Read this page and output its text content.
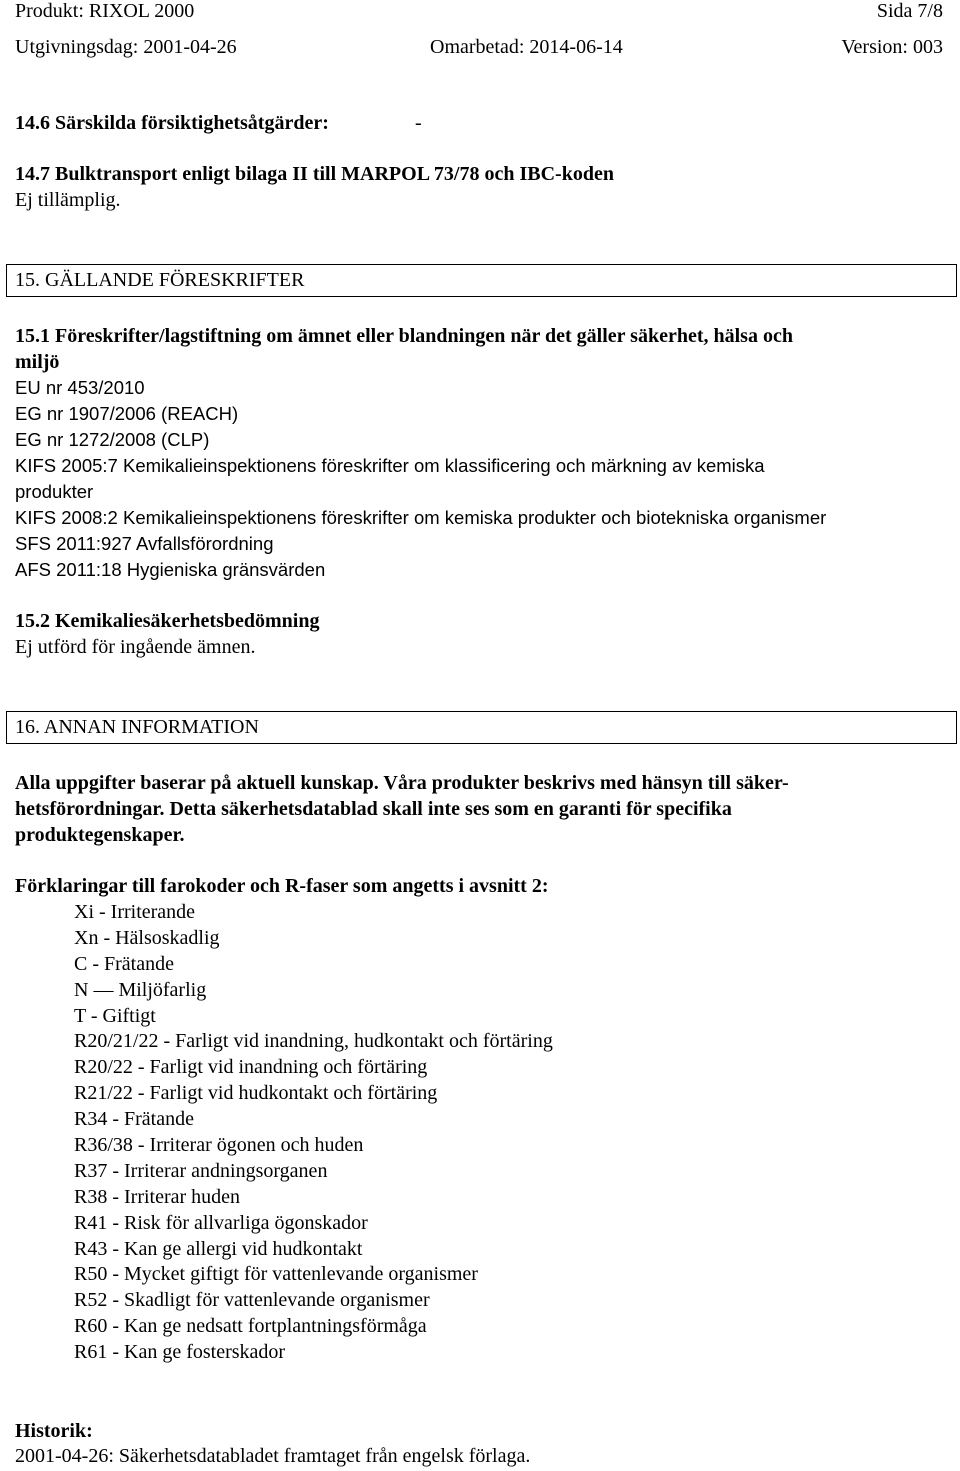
Produkt: RIXOL 2000	Sida 7/8
Utgivningsdag: 2001-04-26	Omarbetad: 2014-06-14	Version: 003
14.6 Särskilda försiktighetsåtgärder:	-
14.7 Bulktransport enligt bilaga II till MARPOL 73/78 och IBC-koden
Ej tillämplig.
15. GÄLLANDE FÖRESKRIFTER
15.1 Föreskrifter/lagstiftning om ämnet eller blandningen när det gäller säkerhet, hälsa och
miljö
EU nr 453/2010
EG nr 1907/2006 (REACH)
EG nr 1272/2008 (CLP)
KIFS 2005:7 Kemikalieinspektionens föreskrifter om klassificering och märkning av kemiska
produkter
KIFS 2008:2 Kemikalieinspektionens föreskrifter om kemiska produkter och biotekniska organismer
SFS 2011:927 Avfallsförordning
AFS 2011:18 Hygieniska gränsvärden
15.2 Kemikaliesäkerhetsbedömning
Ej utförd för ingående ämnen.
16. ANNAN INFORMATION
Alla uppgifter baserar på aktuell kunskap. Våra produkter beskrivs med hänsyn till säker-
hetsförordningar. Detta säkerhetsdatablad skall inte ses som en garanti för specifika
produktegenskaper.
Förklaringar till farokoder och R-faser som angetts i avsnitt 2:
Xi - Irriterande
Xn - Hälsoskadlig
C - Frätande
N — Miljöfarlig
T - Giftigt
R20/21/22 - Farligt vid inandning, hudkontakt och förtäring
R20/22 - Farligt vid inandning och förtäring
R21/22 - Farligt vid hudkontakt och förtäring
R34 - Frätande
R36/38 - Irriterar ögonen och huden
R37 - Irriterar andningsorganen
R38 - Irriterar huden
R41 - Risk för allvarliga ögonskador
R43 - Kan ge allergi vid hudkontakt
R50 - Mycket giftigt för vattenlevande organismer
R52 - Skadligt för vattenlevande organismer
R60 - Kan ge nedsatt fortplantningsförmåga
R61 - Kan ge fosterskador
Historik:
2001-04-26: Säkerhetsdatabladet framtaget från engelsk förlaga.
